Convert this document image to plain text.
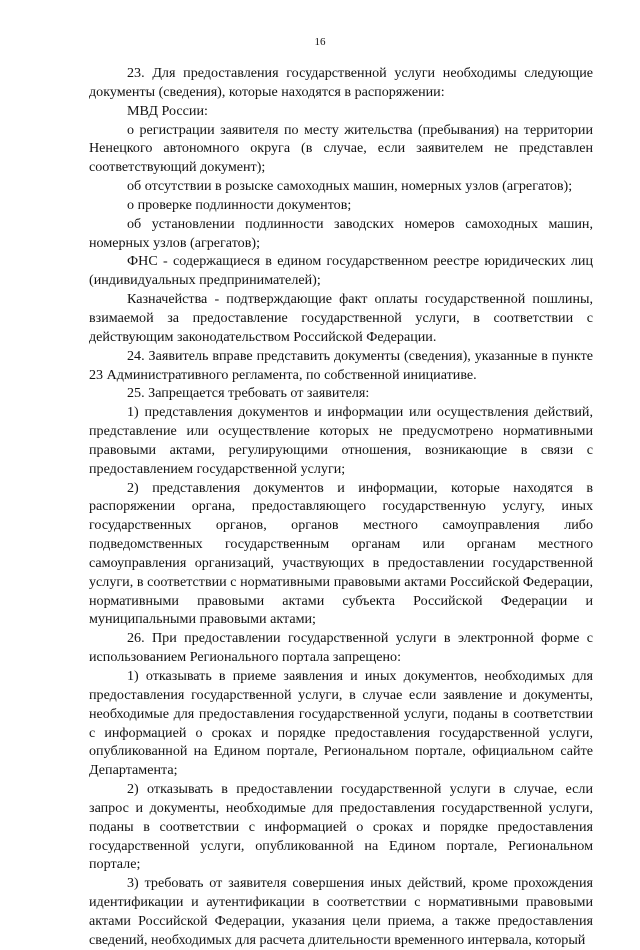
16

23. Для предоставления государственной услуги необходимы следующие документы (сведения), которые находятся в распоряжении:

МВД России:

о регистрации заявителя по месту жительства (пребывания) на территории Ненецкого автономного округа (в случае, если заявителем не представлен соответствующий документ);

об отсутствии в розыске самоходных машин, номерных узлов (агрегатов);

о проверке подлинности документов;

об установлении подлинности заводских номеров самоходных машин, номерных узлов (агрегатов);

ФНС - содержащиеся в едином государственном реестре юридических лиц (индивидуальных предпринимателей);

Казначейства - подтверждающие факт оплаты государственной пошлины, взимаемой за предоставление государственной услуги, в соответствии с действующим законодательством Российской Федерации.

24. Заявитель вправе представить документы (сведения), указанные в пункте 23 Административного регламента, по собственной инициативе.

25. Запрещается требовать от заявителя:

1) представления документов и информации или осуществления действий, представление или осуществление которых не предусмотрено нормативными правовыми актами, регулирующими отношения, возникающие в связи с предоставлением государственной услуги;

2) представления документов и информации, которые находятся в распоряжении органа, предоставляющего государственную услугу, иных государственных органов, органов местного самоуправления либо подведомственных государственным органам или органам местного самоуправления организаций, участвующих в предоставлении государственной услуги, в соответствии с нормативными правовыми актами Российской Федерации, нормативными правовыми актами субъекта Российской Федерации и муниципальными правовыми актами;

26. При предоставлении государственной услуги в электронной форме с использованием Регионального портала запрещено:

1) отказывать в приеме заявления и иных документов, необходимых для предоставления государственной услуги, в случае если заявление и документы, необходимые для предоставления государственной услуги, поданы в соответствии с информацией о сроках и порядке предоставления государственной услуги, опубликованной на Едином портале, Региональном портале, официальном сайте Департамента;

2) отказывать в предоставлении государственной услуги в случае, если запрос и документы, необходимые для предоставления государственной услуги, поданы в соответствии с информацией о сроках и порядке предоставления государственной услуги, опубликованной на Едином портале, Региональном портале;

3) требовать от заявителя совершения иных действий, кроме прохождения идентификации и аутентификации в соответствии с нормативными правовыми актами Российской Федерации, указания цели приема, а также предоставления сведений, необходимых для расчета длительности временного интервала, который
